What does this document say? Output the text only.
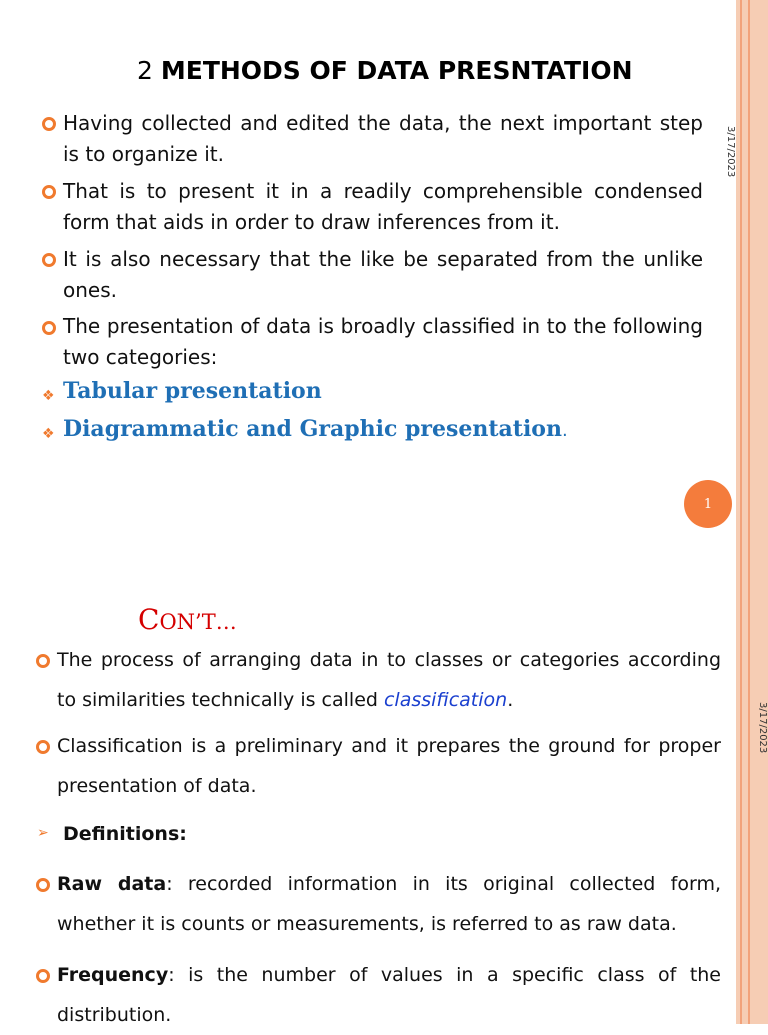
2 METHODS OF DATA PRESNTATION
3/17/2023
Having collected and edited the data, the next important step is to organize it.
That is to present it in a readily comprehensible condensed form that aids in order to draw inferences from it.
It is also necessary that the like be separated from the unlike ones.
The presentation of data is broadly classified in to the following two categories:
❖ Tabular presentation
❖ Diagrammatic and Graphic presentation.
1
CON’T…
3/17/2023
The process of arranging data in to classes or categories according to similarities technically is called classification.
Classification is a preliminary and it prepares the ground for proper presentation of data.
➢ Definitions:
Raw data: recorded information in its original collected form, whether it is counts or measurements, is referred to as raw data.
Frequency: is the number of values in a specific class of the distribution.
